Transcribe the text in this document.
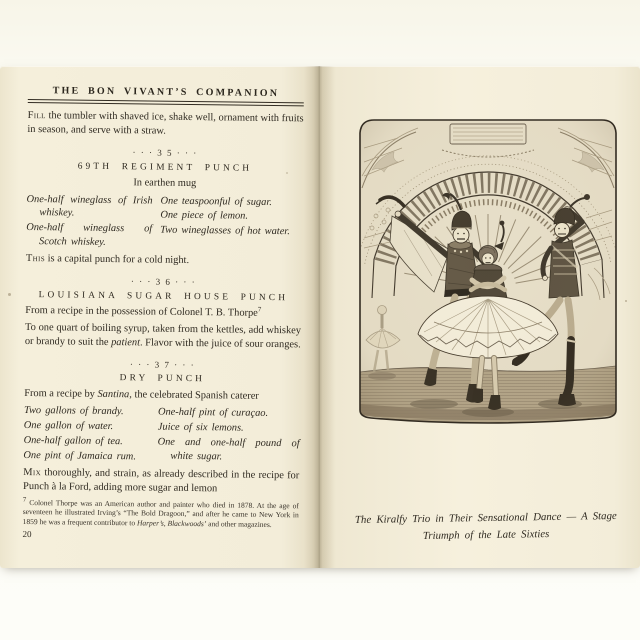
THE BON VIVANT’S COMPANION
Fill the tumbler with shaved ice, shake well, ornament with fruits in season, and serve with a straw.
· · · 3 5 · · ·
69TH REGIMENT PUNCH
In earthen mug
One-half wineglass of Irish whiskey.
One-half wineglass of Scotch whiskey.
One teaspoonful of sugar.
One piece of lemon.
Two wineglasses of hot water.
This is a capital punch for a cold night.
· · · 3 6 · · ·
LOUISIANA SUGAR HOUSE PUNCH
From a recipe in the possession of Colonel T. B. Thorpe$^7$
To one quart of boiling syrup, taken from the kettles, add whiskey or brandy to suit the patient. Flavor with the juice of sour oranges.
· · · 3 7 · · ·
DRY PUNCH
From a recipe by Santina, the celebrated Spanish caterer
Two gallons of brandy.
One gallon of water.
One-half gallon of tea.
One pint of Jamaica rum.
One-half pint of curaçao.
Juice of six lemons.
One and one-half pound of white sugar.
Mix thoroughly, and strain, as already described in the recipe for Punch à la Ford, adding more sugar and lemon
$^7$ Colonel Thorpe was an American author and painter who died in 1878. At the age of seventeen he illustrated Irving’s “The Bold Dragoon,” and after he came to New York in 1859 he was a frequent contributor to Harper’s, Blackwoods’ and other magazines.
20
The Kiralfy Trio in Their Sensational Dance — A Stage
Triumph of the Late Sixties
